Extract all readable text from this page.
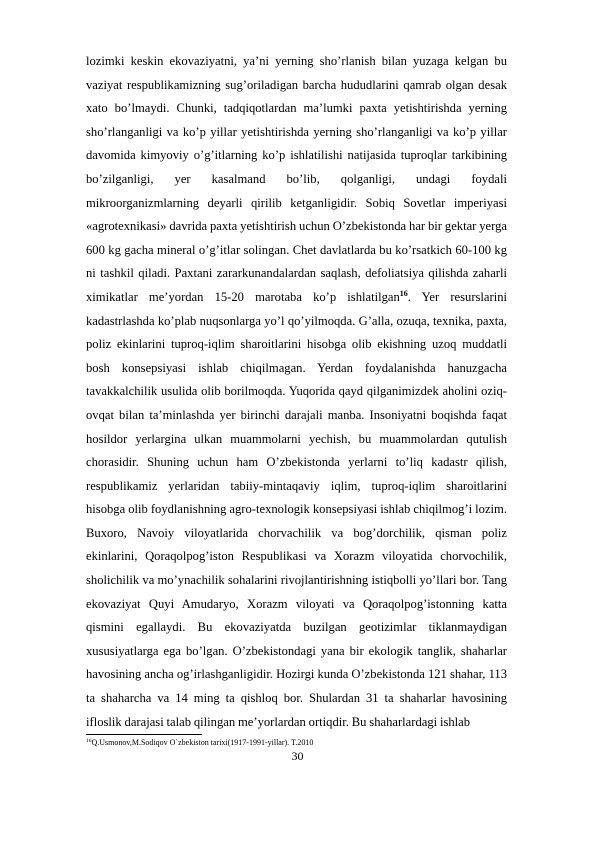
lozimki keskin ekovaziyatni, ya’ni yerning sho’rlanish bilan yuzaga kelgan bu vaziyat respublikamizning sug’oriladigan barcha hududlarini qamrab olgan desak xato bo’lmaydi. Chunki, tadqiqotlardan ma’lumki paxta yetishtirishda yerning sho’rlanganligi va ko’p yillar yetishtirishda yerning sho’rlanganligi va ko’p yillar davomida kimyoviy o’g’itlarning ko’p ishlatilishi natijasida tuproqlar tarkibining bo’zilganligi, yer kasalmand bo’lib, qolganligi, undagi foydali mikroorganizmlarning deyarli qirilib ketganligidir. Sobiq Sovetlar imperiyasi «agrotexnikasi» davrida paxta yetishtirish uchun O’zbekistonda har bir gektar yerga 600 kg gacha mineral o’g’itlar solingan. Chet davlatlarda bu ko’rsatkich 60-100 kg ni tashkil qiladi. Paxtani zararkunandalardan saqlash, defoliatsiya qilishda zaharli ximikatlar me’yordan 15-20 marotaba ko’p ishlatilgan$^{16}$. Yer resurslarini kadastrlashda ko’plab nuqsonlarga yo’l qo’yilmoqda. G’alla, ozuqa, texnika, paxta, poliz ekinlarini tuproq-iqlim sharoitlarini hisobga olib ekishning uzoq muddatli bosh konsepsiyasi ishlab chiqilmagan. Yerdan foydalanishda hanuzgacha tavakkalchilik usulida olib borilmoqda. Yuqorida qayd qilganimizdek aholini oziq-ovqat bilan ta’minlashda yer birinchi darajali manba. Insoniyatni boqishda faqat hosildor yerlargina ulkan muammolarni yechish, bu muammolardan qutulish chorasidir. Shuning uchun ham O’zbekistonda yerlarni to’liq kadastr qilish, respublikamiz yerlaridan tabiiy-mintaqaviy iqlim, tuproq-iqlim sharoitlarini hisobga olib foydlanishning agro-texnologik konsepsiyasi ishlab chiqilmog’i lozim. Buxoro, Navoiy viloyatlarida chorvachilik va bog’dorchilik, qisman poliz ekinlarini, Qoraqolpog’iston Respublikasi va Xorazm viloyatida chorvochilik, sholichilik va mo’ynachilik sohalarini rivojlantirishning istiqbolli yo’llari bor. Tang ekovaziyat Quyi Amudaryo, Xorazm viloyati va Qoraqolpog’istonning katta qismini egallaydi. Bu ekovaziyatda buzilgan geotizimlar tiklanmaydigan xususiyatlarga ega bo’lgan. O’zbekistondagi yana bir ekologik tanglik, shaharlar havosining ancha og’irlashganligidir. Hozirgi kunda O’zbekistonda 121 shahar, 113 ta shaharcha va 14 ming ta qishloq bor. Shulardan 31 ta shaharlar havosining ifloslik darajasi talab qilingan me’yorlardan ortiqdir. Bu shaharlardagi ishlab

$^{16}$Q.Usmonov,M.Sodiqov O`zbekiston tarixi(1917-1991-yillar). T.2010
30
